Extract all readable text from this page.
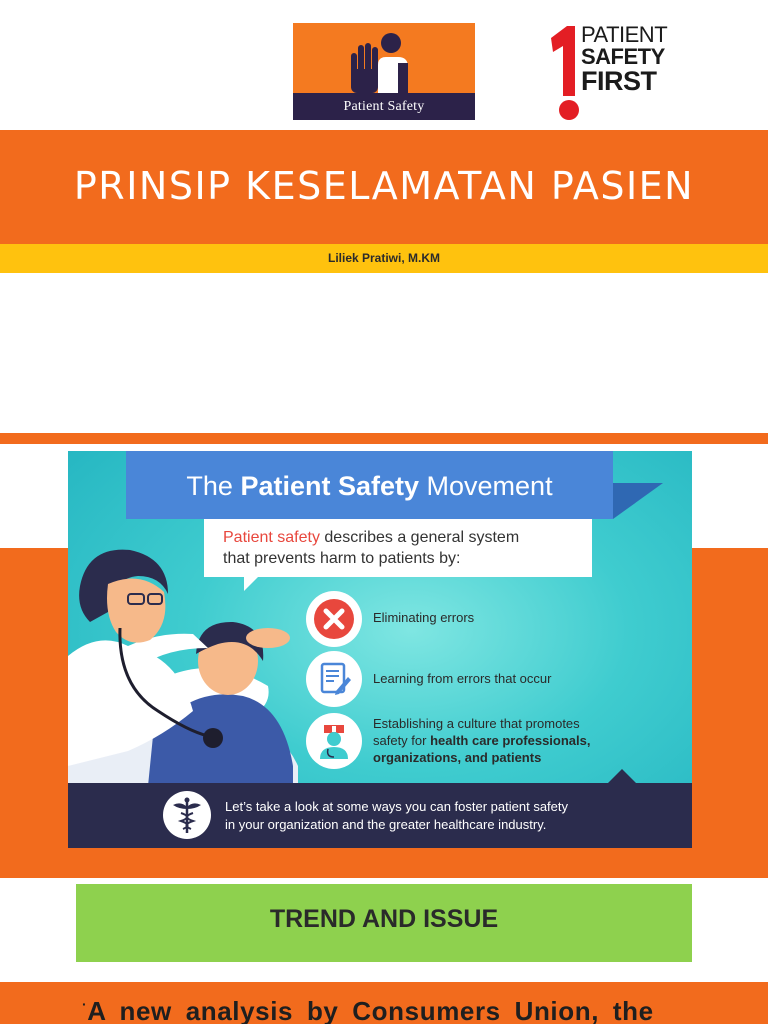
Patient Safety
PATIENT
SAFETY
FIRST
PRINSIP KESELAMATAN PASIEN
Liliek Pratiwi, M.KM
The Patient Safety Movement
Patient safety describes a general system
that prevents harm to patients by:
Eliminating errors
Learning from errors that occur
Establishing a culture that promotes
safety for health care professionals,
organizations, and patients
Let’s take a look at some ways you can foster patient safety
in your organization and the greater healthcare industry.
TREND AND ISSUE
·A new analysis by Consumers Union, the
